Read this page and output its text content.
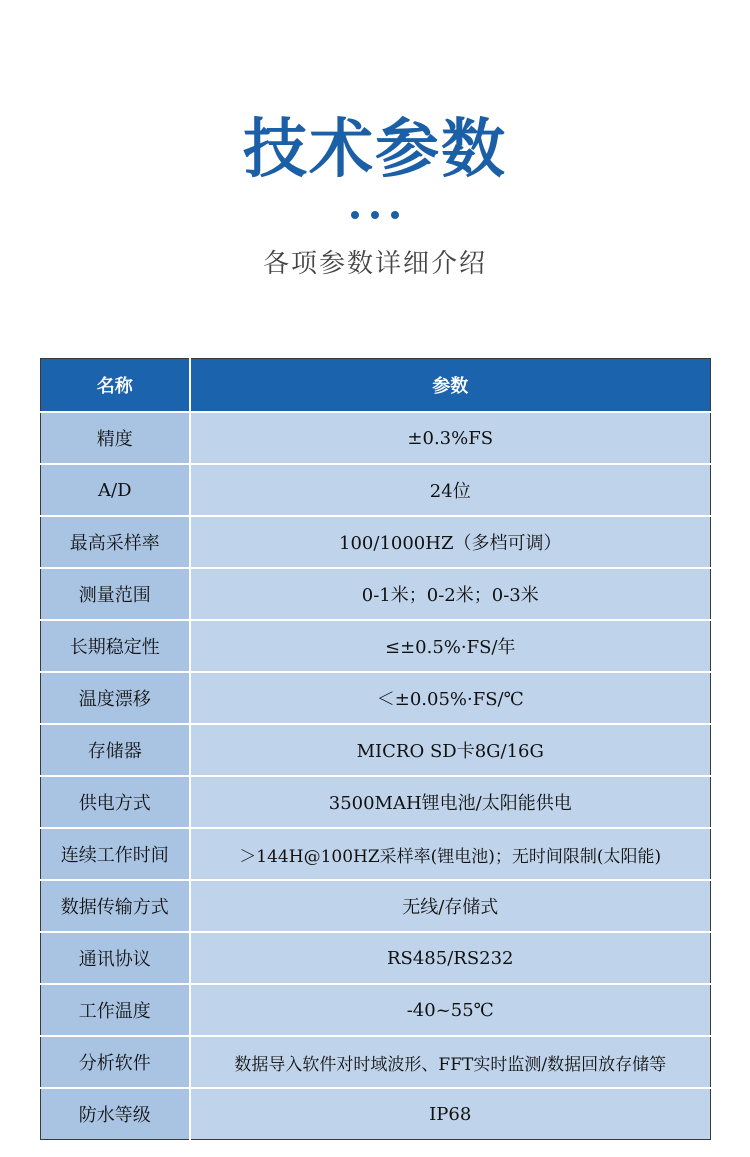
技术参数
各项参数详细介绍
名称	参数
精度	±0.3%FS
A/D	24位
最高采样率	100/1000HZ（多档可调）
测量范围	0-1米；0-2米；0-3米
长期稳定性	≤±0.5%·FS/年
温度漂移	＜±0.05%·FS/℃
存储器	MICRO SD卡8G/16G
供电方式	3500MAH锂电池/太阳能供电
连续工作时间	＞144H@100HZ采样率(锂电池)；无时间限制(太阳能)
数据传输方式	无线/存储式
通讯协议	RS485/RS232
工作温度	-40~55℃
分析软件	数据导入软件对时域波形、FFT实时监测/数据回放存储等
防水等级	IP68
